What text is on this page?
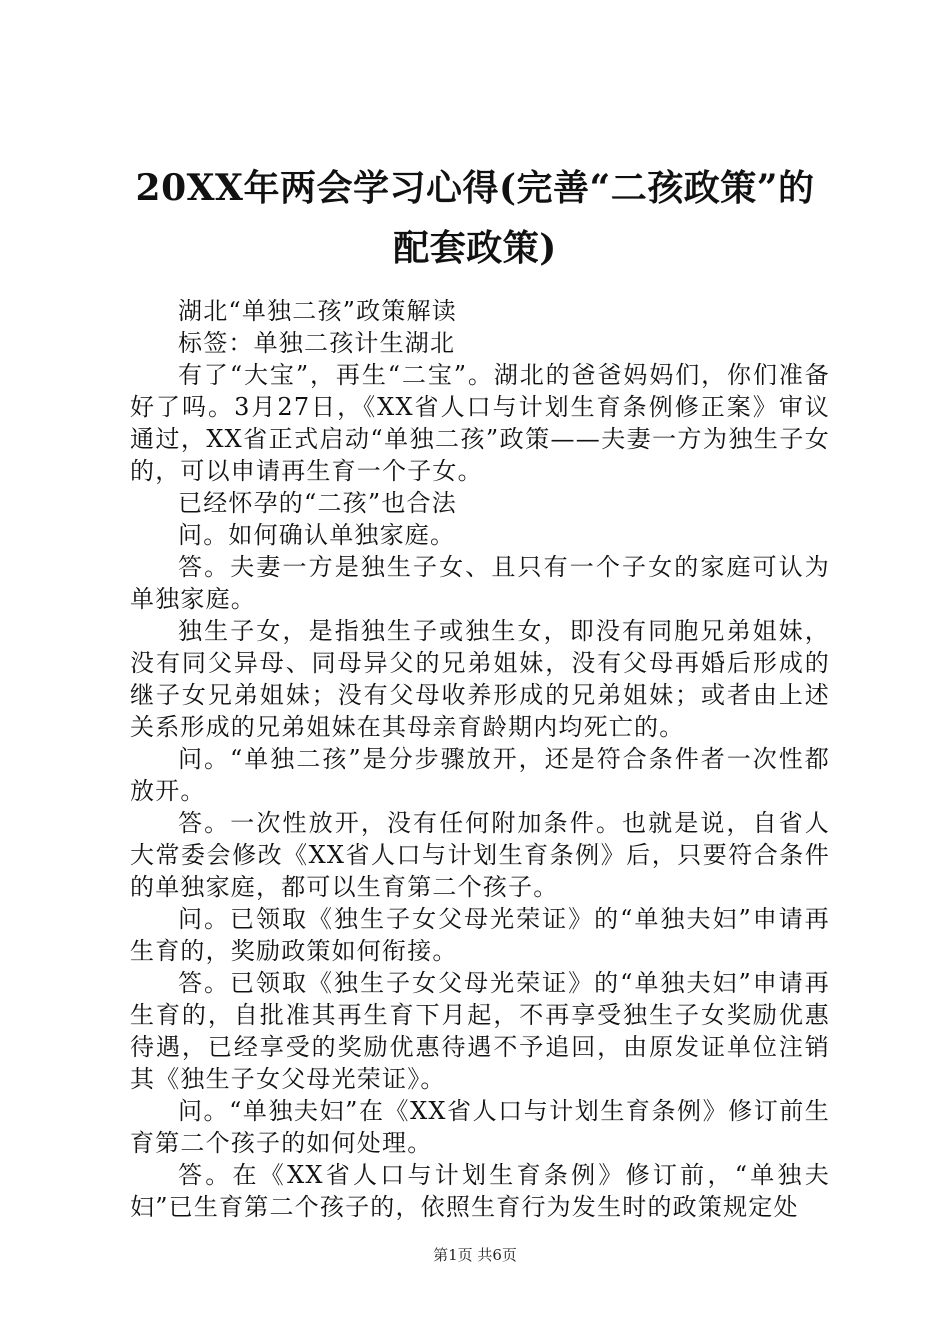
20XX年两会学习心得(完善“二孩政策”的配套政策)

湖北“单独二孩”政策解读

标签：单独二孩计生湖北

有了“大宝”，再生“二宝”。湖北的爸爸妈妈们，你们准备好了吗。3月27日，《XX省人口与计划生育条例修正案》审议通过，XX省正式启动“单独二孩”政策——夫妻一方为独生子女的，可以申请再生育一个子女。

已经怀孕的“二孩”也合法

问。如何确认单独家庭。

答。夫妻一方是独生子女、且只有一个子女的家庭可认为单独家庭。

独生子女，是指独生子或独生女，即没有同胞兄弟姐妹，没有同父异母、同母异父的兄弟姐妹，没有父母再婚后形成的继子女兄弟姐妹；没有父母收养形成的兄弟姐妹；或者由上述关系形成的兄弟姐妹在其母亲育龄期内均死亡的。

问。“单独二孩”是分步骤放开，还是符合条件者一次性都放开。

答。一次性放开，没有任何附加条件。也就是说，自省人大常委会修改《XX省人口与计划生育条例》后，只要符合条件的单独家庭，都可以生育第二个孩子。

问。已领取《独生子女父母光荣证》的“单独夫妇”申请再生育的，奖励政策如何衔接。

答。已领取《独生子女父母光荣证》的“单独夫妇”申请再生育的，自批准其再生育下月起，不再享受独生子女奖励优惠待遇，已经享受的奖励优惠待遇不予追回，由原发证单位注销其《独生子女父母光荣证》。

问。“单独夫妇”在《XX省人口与计划生育条例》修订前生育第二个孩子的如何处理。

答。在《XX省人口与计划生育条例》修订前，“单独夫妇”已生育第二个孩子的，依照生育行为发生时的政策规定处

第1页 共6页
